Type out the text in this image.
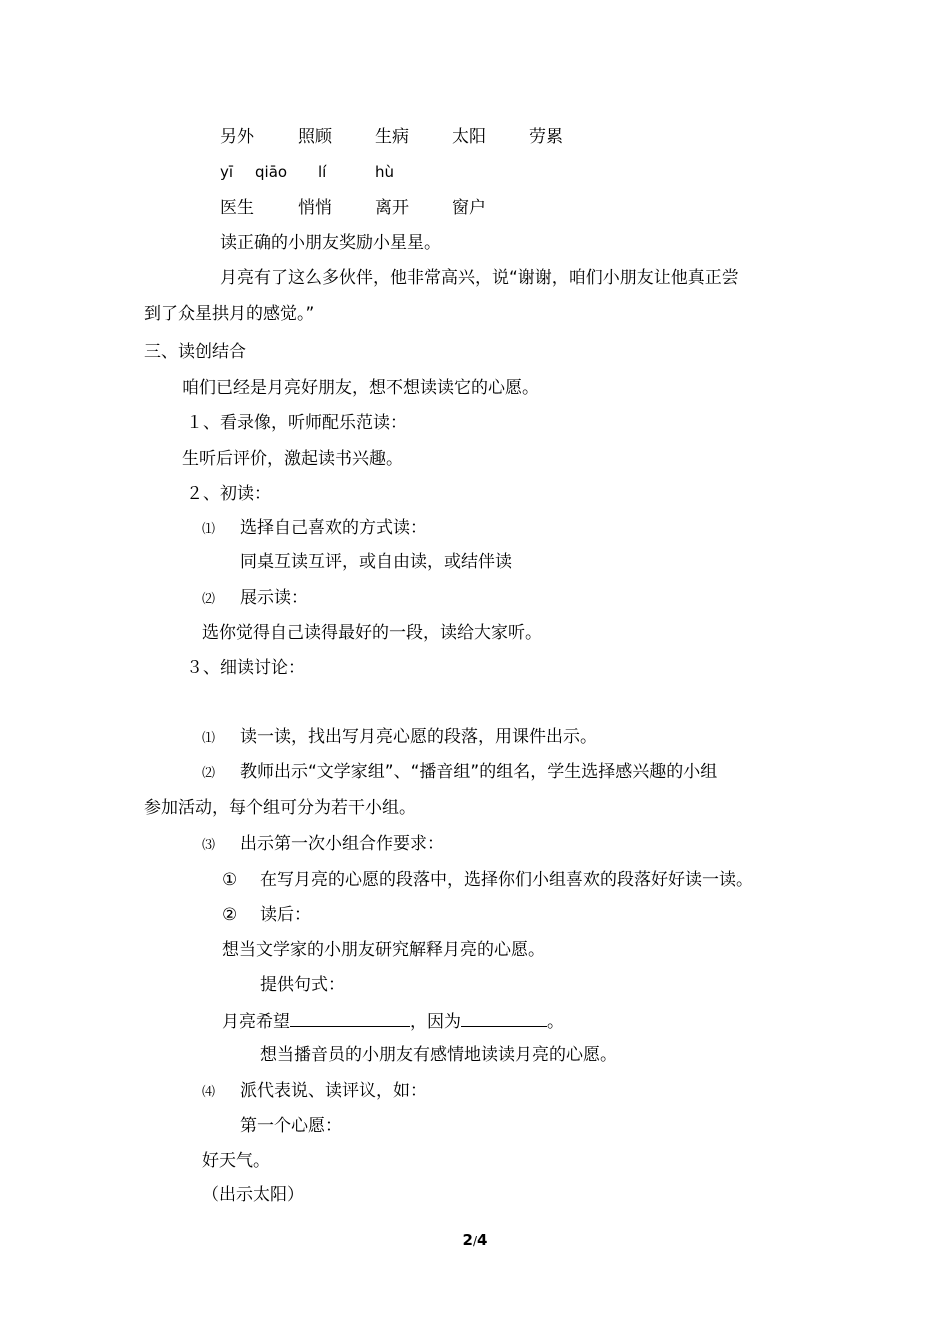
另外	照顾	生病	太阳	劳累
yī qiāo lí	hù
医生	悄悄	离开	窗户
读正确的小朋友奖励小星星。
月亮有了这么多伙伴，他非常高兴，说“谢谢，咱们小朋友让他真正尝
到了众星拱月的感觉。”
三、读创结合
咱们已经是月亮好朋友，想不想读读它的心愿。
１、看录像，听师配乐范读：
生听后评价，激起读书兴趣。
２、初读：
⑴ 选择自己喜欢的方式读：
同桌互读互评，或自由读，或结伴读
⑵ 展示读：
选你觉得自己读得最好的一段，读给大家听。
３、细读讨论：
⑴ 读一读，找出写月亮心愿的段落，用课件出示。
⑵ 教师出示“文学家组”、“播音组”的组名，学生选择感兴趣的小组
参加活动，每个组可分为若干小组。
⑶ 出示第一次小组合作要求：
① 在写月亮的心愿的段落中，选择你们小组喜欢的段落好好读一读。
② 读后：
想当文学家的小朋友研究解释月亮的心愿。
提供句式：
月亮希望	，因为	。
想当播音员的小朋友有感情地读读月亮的心愿。
⑷ 派代表说、读评议，如：
第一个心愿：
好天气。
（出示太阳）
2/4
